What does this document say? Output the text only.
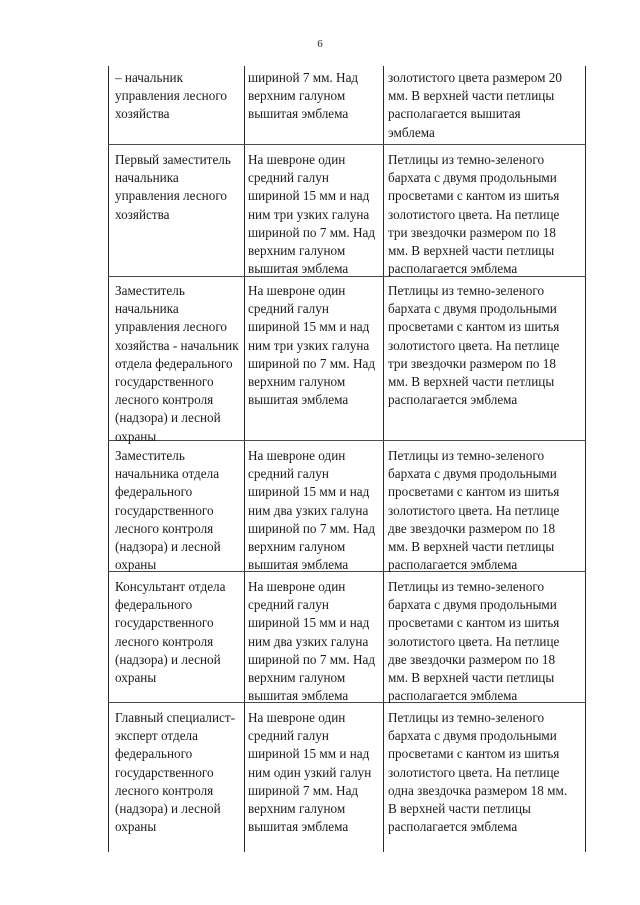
6
– начальник
управления лесного
хозяйства
шириной 7 мм. Над
верхним галуном
вышитая эмблема
золотистого цвета размером 20
мм. В верхней части петлицы
располагается вышитая
эмблема
Первый заместитель
начальника
управления лесного
хозяйства
На шевроне один
средний галун
шириной 15 мм и над
ним три узких галуна
шириной по 7 мм. Над
верхним галуном
вышитая эмблема
Петлицы из темно-зеленого
бархата с двумя продольными
просветами с кантом из шитья
золотистого цвета. На петлице
три звездочки размером по 18
мм. В верхней части петлицы
располагается эмблема
Заместитель
начальника
управления лесного
хозяйства - начальник
отдела федерального
государственного
лесного контроля
(надзора) и лесной
охраны
На шевроне один
средний галун
шириной 15 мм и над
ним три узких галуна
шириной по 7 мм. Над
верхним галуном
вышитая эмблема
Петлицы из темно-зеленого
бархата с двумя продольными
просветами с кантом из шитья
золотистого цвета. На петлице
три звездочки размером по 18
мм. В верхней части петлицы
располагается эмблема
Заместитель
начальника отдела
федерального
государственного
лесного контроля
(надзора) и лесной
охраны
На шевроне один
средний галун
шириной 15 мм и над
ним два узких галуна
шириной по 7 мм. Над
верхним галуном
вышитая эмблема
Петлицы из темно-зеленого
бархата с двумя продольными
просветами с кантом из шитья
золотистого цвета. На петлице
две звездочки размером по 18
мм. В верхней части петлицы
располагается эмблема
Консультант отдела
федерального
государственного
лесного контроля
(надзора) и лесной
охраны
На шевроне один
средний галун
шириной 15 мм и над
ним два узких галуна
шириной по 7 мм. Над
верхним галуном
вышитая эмблема
Петлицы из темно-зеленого
бархата с двумя продольными
просветами с кантом из шитья
золотистого цвета. На петлице
две звездочки размером по 18
мм. В верхней части петлицы
располагается эмблема
Главный специалист-
эксперт отдела
федерального
государственного
лесного контроля
(надзора) и лесной
охраны
На шевроне один
средний галун
шириной 15 мм и над
ним один узкий галун
шириной 7 мм. Над
верхним галуном
вышитая эмблема
Петлицы из темно-зеленого
бархата с двумя продольными
просветами с кантом из шитья
золотистого цвета. На петлице
одна звездочка размером 18 мм.
В верхней части петлицы
располагается эмблема
